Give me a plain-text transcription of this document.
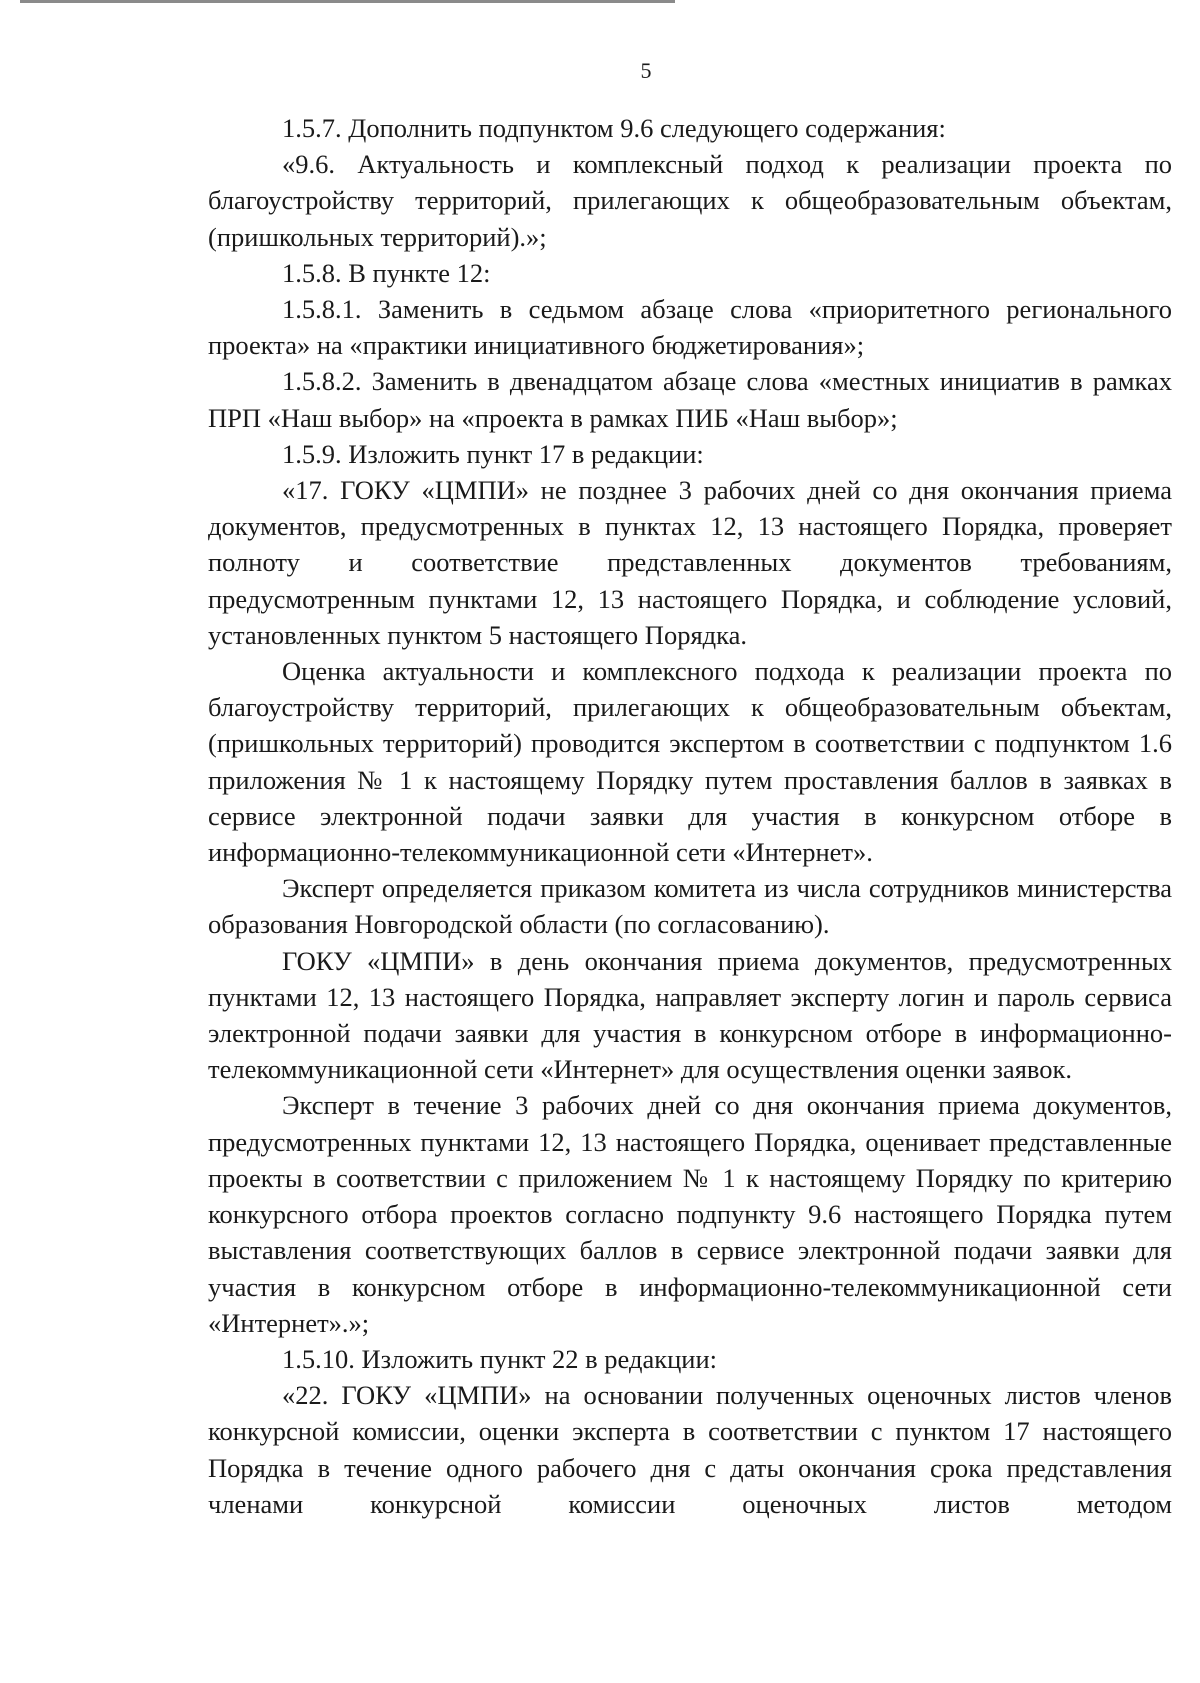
5

1.5.7. Дополнить подпунктом 9.6 следующего содержания:

«9.6. Актуальность и комплексный подход к реализации проекта по благоустройству территорий, прилегающих к общеобразовательным объектам, (пришкольных территорий).»;

1.5.8. В пункте 12:

1.5.8.1. Заменить в седьмом абзаце слова «приоритетного регионального проекта» на «практики инициативного бюджетирования»;

1.5.8.2. Заменить в двенадцатом абзаце слова «местных инициатив в рамках ПРП «Наш выбор» на «проекта в рамках ПИБ «Наш выбор»;

1.5.9. Изложить пункт 17 в редакции:

«17. ГОКУ «ЦМПИ» не позднее 3 рабочих дней со дня окончания приема документов, предусмотренных в пунктах 12, 13 настоящего Порядка, проверяет полноту и соответствие представленных документов требованиям, предусмотренным пунктами 12, 13 настоящего Порядка, и соблюдение условий, установленных пунктом 5 настоящего Порядка.

Оценка актуальности и комплексного подхода к реализации проекта по благоустройству территорий, прилегающих к общеобразовательным объектам, (пришкольных территорий) проводится экспертом в соответствии с подпунктом 1.6 приложения № 1 к настоящему Порядку путем проставления баллов в заявках в сервисе электронной подачи заявки для участия в конкурсном отборе в информационно-телекоммуникационной сети «Интернет».

Эксперт определяется приказом комитета из числа сотрудников министерства образования Новгородской области (по согласованию).

ГОКУ «ЦМПИ» в день окончания приема документов, предусмотренных пунктами 12, 13 настоящего Порядка, направляет эксперту логин и пароль сервиса электронной подачи заявки для участия в конкурсном отборе в информационно-телекоммуникационной сети «Интернет» для осуществления оценки заявок.

Эксперт в течение 3 рабочих дней со дня окончания приема документов, предусмотренных пунктами 12, 13 настоящего Порядка, оценивает представленные проекты в соответствии с приложением № 1 к настоящему Порядку по критерию конкурсного отбора проектов согласно подпункту 9.6 настоящего Порядка путем выставления соответствующих баллов в сервисе электронной подачи заявки для участия в конкурсном отборе в информационно-телекоммуникационной сети «Интернет».»;

1.5.10. Изложить пункт 22 в редакции:

«22. ГОКУ «ЦМПИ» на основании полученных оценочных листов членов конкурсной комиссии, оценки эксперта в соответствии с пунктом 17 настоящего Порядка в течение одного рабочего дня с даты окончания срока представления членами конкурсной комиссии оценочных листов методом
